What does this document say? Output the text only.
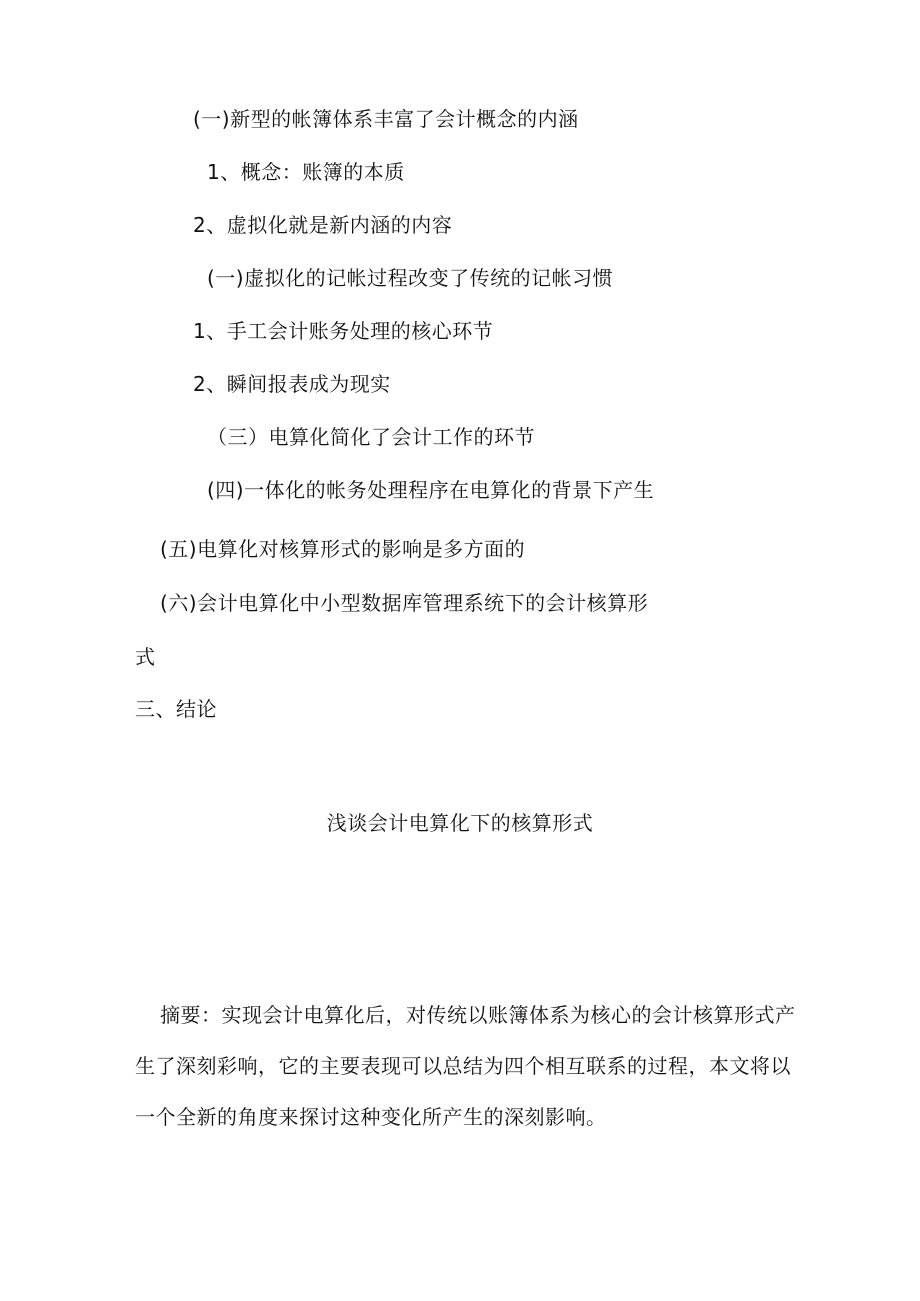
(一)新型的帐簿体系丰富了会计概念的内涵
1、概念：账簿的本质
2、虚拟化就是新内涵的内容
(一)虚拟化的记帐过程改变了传统的记帐习惯
1、手工会计账务处理的核心环节
2、瞬间报表成为现实
（三）电算化简化了会计工作的环节
(四)一体化的帐务处理程序在电算化的背景下产生
(五)电算化对核算形式的影响是多方面的
(六)会计电算化中小型数据库管理系统下的会计核算形
式
三、结论
浅谈会计电算化下的核算形式
摘要：实现会计电算化后，对传统以账簿体系为核心的会计核算形式产
生了深刻彩响，它的主要表现可以总结为四个相互联系的过程，本文将以
一个全新的角度来探讨这种变化所产生的深刻影响。
